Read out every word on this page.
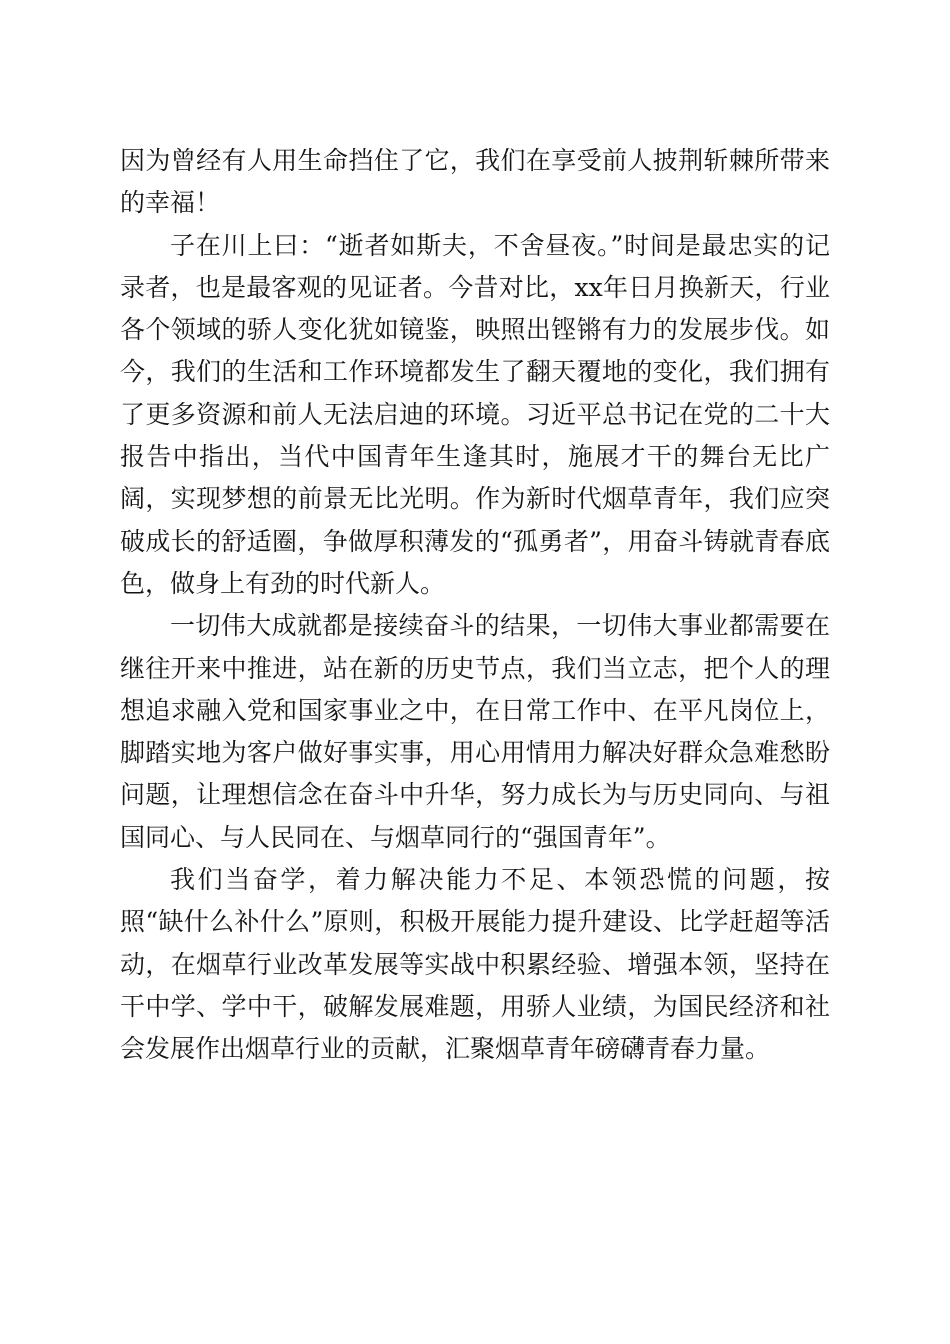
因为曾经有人用生命挡住了它，我们在享受前人披荆斩棘所带来的幸福！

子在川上曰：“逝者如斯夫，不舍昼夜。”时间是最忠实的记录者，也是最客观的见证者。今昔对比，xx年日月换新天，行业各个领域的骄人变化犹如镜鉴，映照出铿锵有力的发展步伐。如今，我们的生活和工作环境都发生了翻天覆地的变化，我们拥有了更多资源和前人无法启迪的环境。习近平总书记在党的二十大报告中指出，当代中国青年生逢其时，施展才干的舞台无比广阔，实现梦想的前景无比光明。作为新时代烟草青年，我们应突破成长的舒适圈，争做厚积薄发的“孤勇者”，用奋斗铸就青春底色，做身上有劲的时代新人。

一切伟大成就都是接续奋斗的结果，一切伟大事业都需要在继往开来中推进，站在新的历史节点，我们当立志，把个人的理想追求融入党和国家事业之中，在日常工作中、在平凡岗位上，脚踏实地为客户做好事实事，用心用情用力解决好群众急难愁盼问题，让理想信念在奋斗中升华，努力成长为与历史同向、与祖国同心、与人民同在、与烟草同行的“强国青年”。

我们当奋学，着力解决能力不足、本领恐慌的问题，按照“缺什么补什么”原则，积极开展能力提升建设、比学赶超等活动，在烟草行业改革发展等实战中积累经验、增强本领，坚持在干中学、学中干，破解发展难题，用骄人业绩，为国民经济和社会发展作出烟草行业的贡献，汇聚烟草青年磅礴青春力量。
